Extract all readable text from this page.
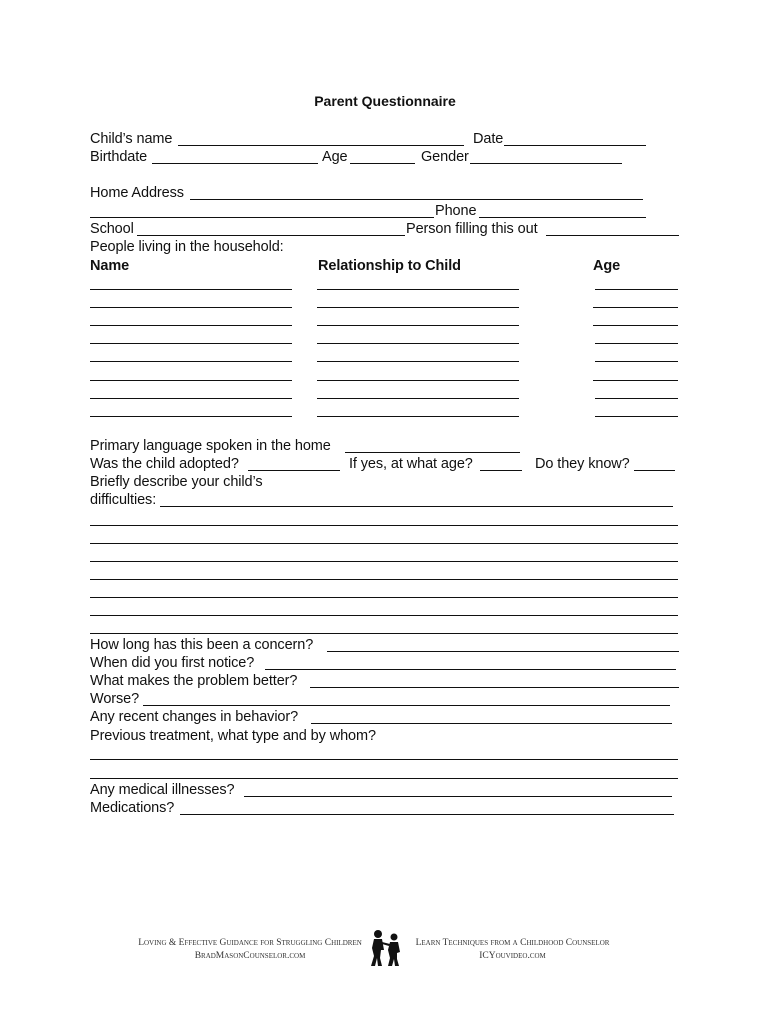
Parent Questionnaire
Child’s name	Date
Birthdate	Age	Gender
Home Address
Phone
School	Person filling this out
People living in the household:
Name	Relationship to Child	Age
Primary language spoken in the home
Was the child adopted?	If yes, at what age?	Do they know?
Briefly describe your child’s
difficulties:
How long has this been a concern?
When did you first notice?
What makes the problem better?
Worse?
Any recent changes in behavior?
Previous treatment, what type and by whom?
Any medical illnesses?
Medications?
Loving & Effective Guidance for Struggling Children
BradMasonCounselor.com
Learn Techniques from a Childhood Counselor
ICYouvideo.com
